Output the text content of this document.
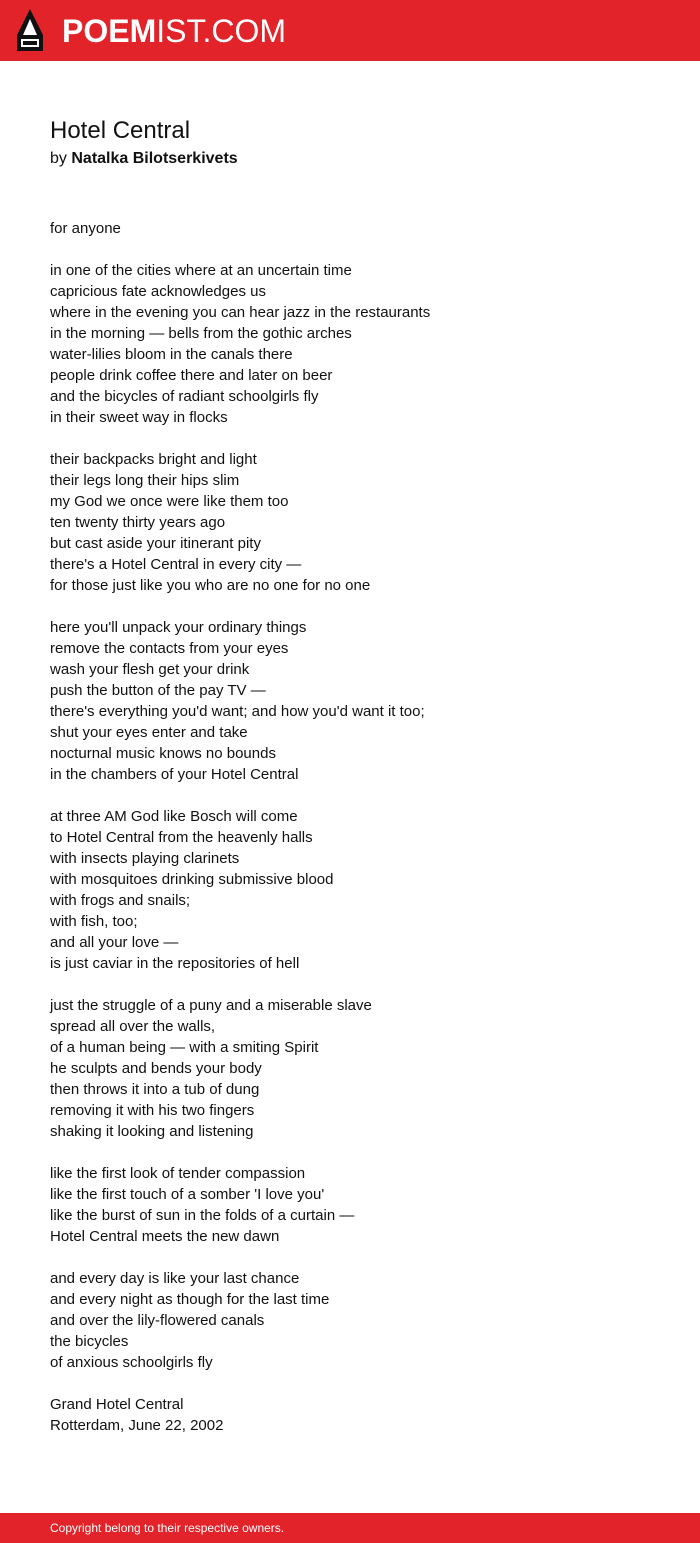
POEMIST.COM
Hotel Central
by Natalka Bilotserkivets
for anyone
in one of the cities where at an uncertain time
capricious fate acknowledges us
where in the evening you can hear jazz in the restaurants
in the morning — bells from the gothic arches
water-lilies bloom in the canals there
people drink coffee there and later on beer
and the bicycles of radiant schoolgirls fly
in their sweet way in flocks
their backpacks bright and light
their legs long their hips slim
my God we once were like them too
ten twenty thirty years ago
but cast aside your itinerant pity
there's a Hotel Central in every city —
for those just like you who are no one for no one
here you'll unpack your ordinary things
remove the contacts from your eyes
wash your flesh get your drink
push the button of the pay TV —
there's everything you'd want; and how you'd want it too;
shut your eyes enter and take
nocturnal music knows no bounds
in the chambers of your Hotel Central
at three AM God like Bosch will come
to Hotel Central from the heavenly halls
with insects playing clarinets
with mosquitoes drinking submissive blood
with frogs and snails;
with fish, too;
and all your love —
is just caviar in the repositories of hell
just the struggle of a puny and a miserable slave
spread all over the walls,
of a human being — with a smiting Spirit
he sculpts and bends your body
then throws it into a tub of dung
removing it with his two fingers
shaking it looking and listening
like the first look of tender compassion
like the first touch of a somber 'I love you'
like the burst of sun in the folds of a curtain —
Hotel Central meets the new dawn
and every day is like your last chance
and every night as though for the last time
and over the lily-flowered canals
the bicycles
of anxious schoolgirls fly
Grand Hotel Central
Rotterdam, June 22, 2002
Copyright belong to their respective owners.
